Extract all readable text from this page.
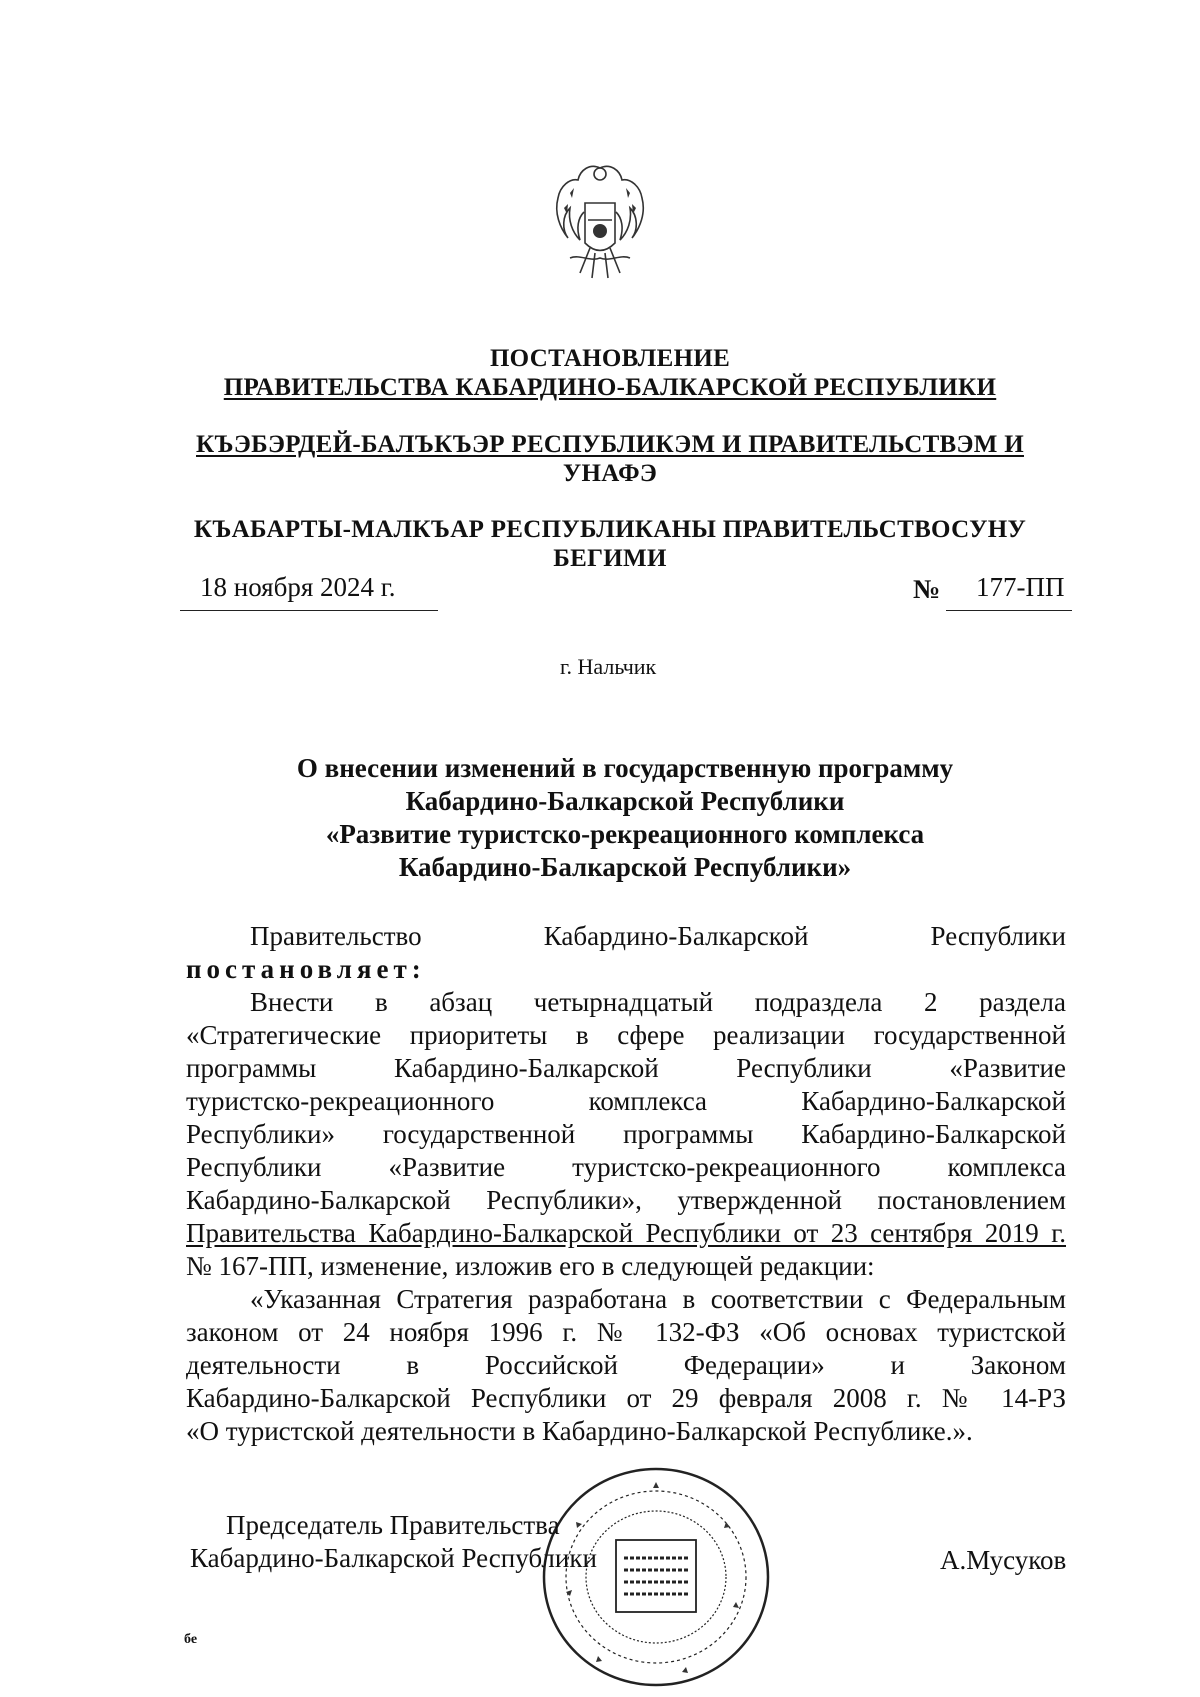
ПОСТАНОВЛЕНИЕ
ПРАВИТЕЛЬСТВА КАБАРДИНО-БАЛКАРСКОЙ РЕСПУБЛИКИ
КЪЭБЭРДЕЙ-БАЛЪКЪЭР РЕСПУБЛИКЭМ И ПРАВИТЕЛЬСТВЭМ И
УНАФЭ
КЪАБАРТЫ-МАЛКЪАР РЕСПУБЛИКАНЫ ПРАВИТЕЛЬСТВОСУНУ
БЕГИМИ
18 ноября 2024 г.	№ 177-ПП
г. Нальчик
О внесении изменений в государственную программу
Кабардино-Балкарской Республики
«Развитие туристско-рекреационного комплекса
Кабардино-Балкарской Республики»
Правительство Кабардино-Балкарской Республики
постановляет:
Внести в абзац четырнадцатый подраздела 2 раздела
«Стратегические приоритеты в сфере реализации государственной
программы Кабардино-Балкарской Республики «Развитие
туристско-рекреационного комплекса Кабардино-Балкарской
Республики» государственной программы Кабардино-Балкарской
Республики «Развитие туристско-рекреационного комплекса
Кабардино-Балкарской Республики», утвержденной постановлением
Правительства Кабардино-Балкарской Республики от 23 сентября 2019 г.
№ 167-ПП, изменение, изложив его в следующей редакции:
«Указанная Стратегия разработана в соответствии с Федеральным
законом от 24 ноября 1996 г. № 132-ФЗ «Об основах туристской
деятельности в Российской Федерации» и Законом
Кабардино-Балкарской Республики от 29 февраля 2008 г. № 14-РЗ
«О туристской деятельности в Кабардино-Балкарской Республике.».
Председатель Правительства
Кабардино-Балкарской Республики	А.Мусуков
бе
